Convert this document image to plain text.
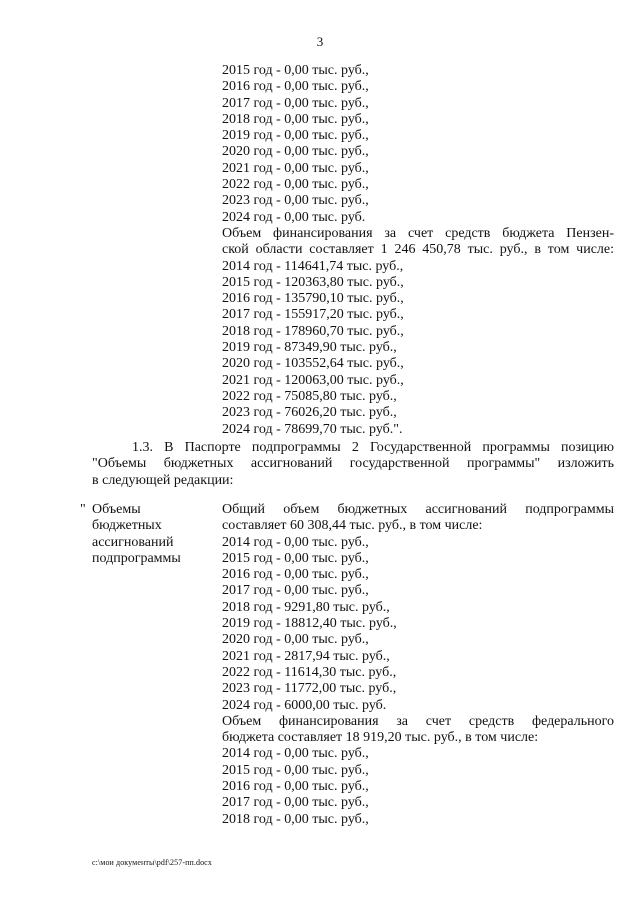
3
2015 год - 0,00 тыс. руб.,
2016 год - 0,00 тыс. руб.,
2017 год - 0,00 тыс. руб.,
2018 год - 0,00 тыс. руб.,
2019 год - 0,00 тыс. руб.,
2020 год - 0,00 тыс. руб.,
2021 год - 0,00 тыс. руб.,
2022 год - 0,00 тыс. руб.,
2023 год - 0,00 тыс. руб.,
2024 год - 0,00 тыс. руб.
Объем финансирования за счет средств бюджета Пензен-
ской области составляет 1 246 450,78 тыс. руб., в том числе:
2014 год - 114641,74 тыс. руб.,
2015 год - 120363,80 тыс. руб.,
2016 год - 135790,10 тыс. руб.,
2017 год - 155917,20 тыс. руб.,
2018 год - 178960,70 тыс. руб.,
2019 год - 87349,90 тыс. руб.,
2020 год - 103552,64 тыс. руб.,
2021 год - 120063,00 тыс. руб.,
2022 год - 75085,80 тыс. руб.,
2023 год - 76026,20 тыс. руб.,
2024 год - 78699,70 тыс. руб.".
1.3. В Паспорте подпрограммы 2 Государственной программы позицию
"Объемы бюджетных ассигнований государственной программы" изложить
в следующей редакции:
" Объемы
бюджетных
ассигнований
подпрограммы
Общий объем бюджетных ассигнований подпрограммы
составляет 60 308,44 тыс. руб., в том числе:
2014 год - 0,00 тыс. руб.,
2015 год - 0,00 тыс. руб.,
2016 год - 0,00 тыс. руб.,
2017 год - 0,00 тыс. руб.,
2018 год - 9291,80 тыс. руб.,
2019 год - 18812,40 тыс. руб.,
2020 год - 0,00 тыс. руб.,
2021 год - 2817,94 тыс. руб.,
2022 год - 11614,30 тыс. руб.,
2023 год - 11772,00 тыс. руб.,
2024 год - 6000,00 тыс. руб.
Объем финансирования за счет средств федерального
бюджета составляет 18 919,20 тыс. руб., в том числе:
2014 год - 0,00 тыс. руб.,
2015 год - 0,00 тыс. руб.,
2016 год - 0,00 тыс. руб.,
2017 год - 0,00 тыс. руб.,
2018 год - 0,00 тыс. руб.,
с:\мои документы\pdf\257-пп.docx
